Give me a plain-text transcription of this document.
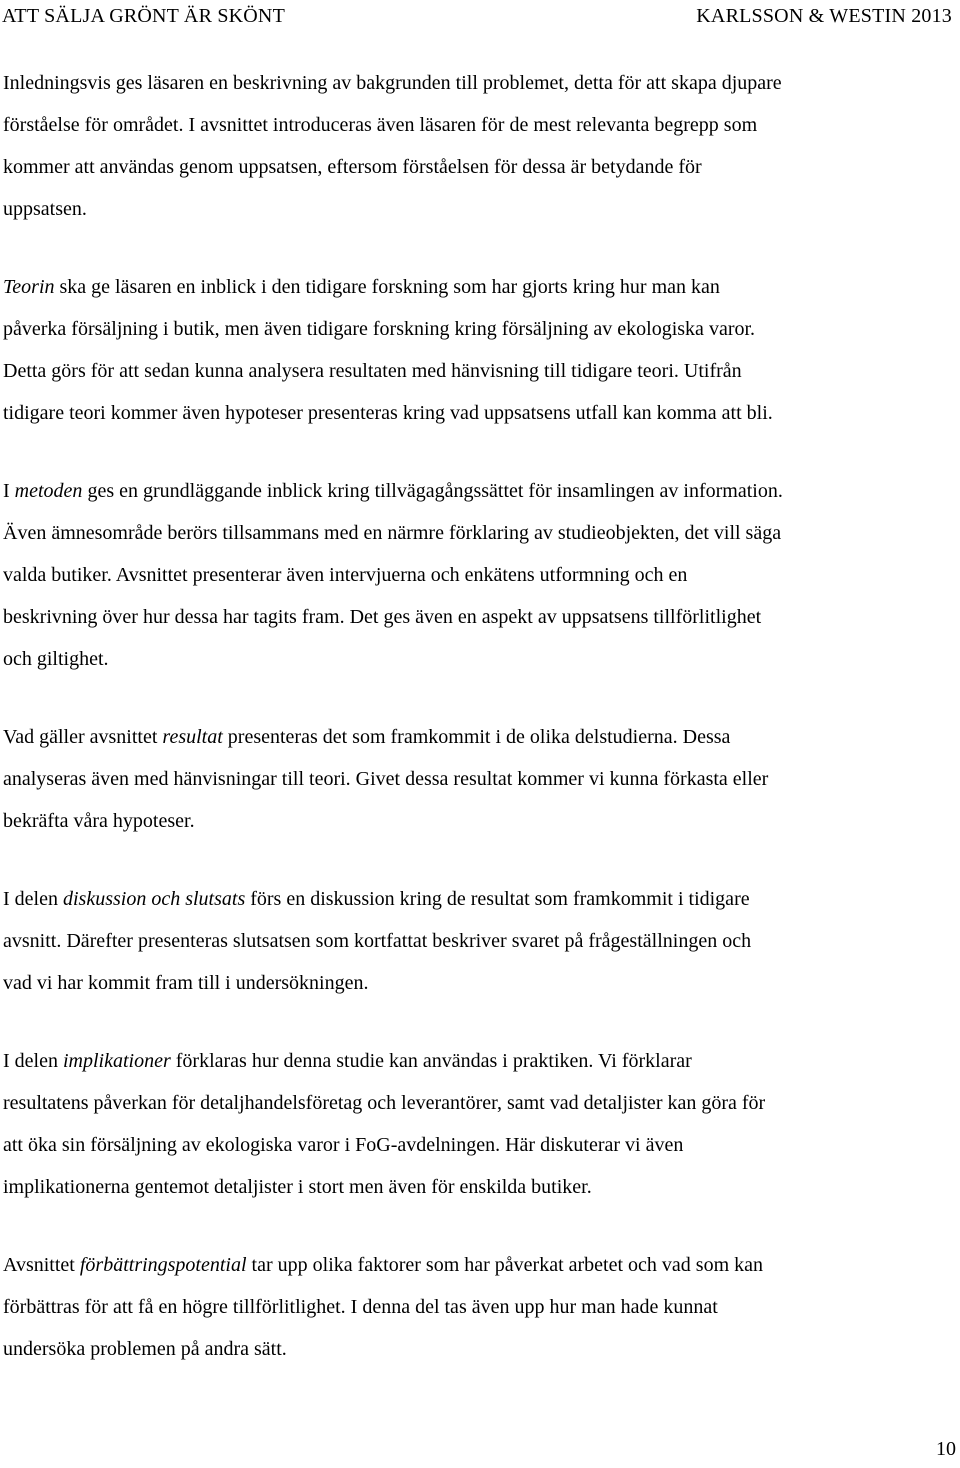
ATT SÄLJA GRÖNT ÄR SKÖNT	KARLSSON & WESTIN 2013

Inledningsvis ges läsaren en beskrivning av bakgrunden till problemet, detta för att skapa djupare
förståelse för området. I avsnittet introduceras även läsaren för de mest relevanta begrepp som
kommer att användas genom uppsatsen, eftersom förståelsen för dessa är betydande för
uppsatsen.

Teorin ska ge läsaren en inblick i den tidigare forskning som har gjorts kring hur man kan
påverka försäljning i butik, men även tidigare forskning kring försäljning av ekologiska varor.
Detta görs för att sedan kunna analysera resultaten med hänvisning till tidigare teori. Utifrån
tidigare teori kommer även hypoteser presenteras kring vad uppsatsens utfall kan komma att bli.

I metoden ges en grundläggande inblick kring tillvägagångssättet för insamlingen av information.
Även ämnesområde berörs tillsammans med en närmre förklaring av studieobjekten, det vill säga
valda butiker. Avsnittet presenterar även intervjuerna och enkätens utformning och en
beskrivning över hur dessa har tagits fram. Det ges även en aspekt av uppsatsens tillförlitlighet
och giltighet.

Vad gäller avsnittet resultat presenteras det som framkommit i de olika delstudierna. Dessa
analyseras även med hänvisningar till teori. Givet dessa resultat kommer vi kunna förkasta eller
bekräfta våra hypoteser.

I delen diskussion och slutsats förs en diskussion kring de resultat som framkommit i tidigare
avsnitt. Därefter presenteras slutsatsen som kortfattat beskriver svaret på frågeställningen och
vad vi har kommit fram till i undersökningen.

I delen implikationer förklaras hur denna studie kan användas i praktiken. Vi förklarar
resultatens påverkan för detaljhandelsföretag och leverantörer, samt vad detaljister kan göra för
att öka sin försäljning av ekologiska varor i FoG-avdelningen. Här diskuterar vi även
implikationerna gentemot detaljister i stort men även för enskilda butiker.

Avsnittet förbättringspotential tar upp olika faktorer som har påverkat arbetet och vad som kan
förbättras för att få en högre tillförlitlighet. I denna del tas även upp hur man hade kunnat
undersöka problemen på andra sätt.

10
